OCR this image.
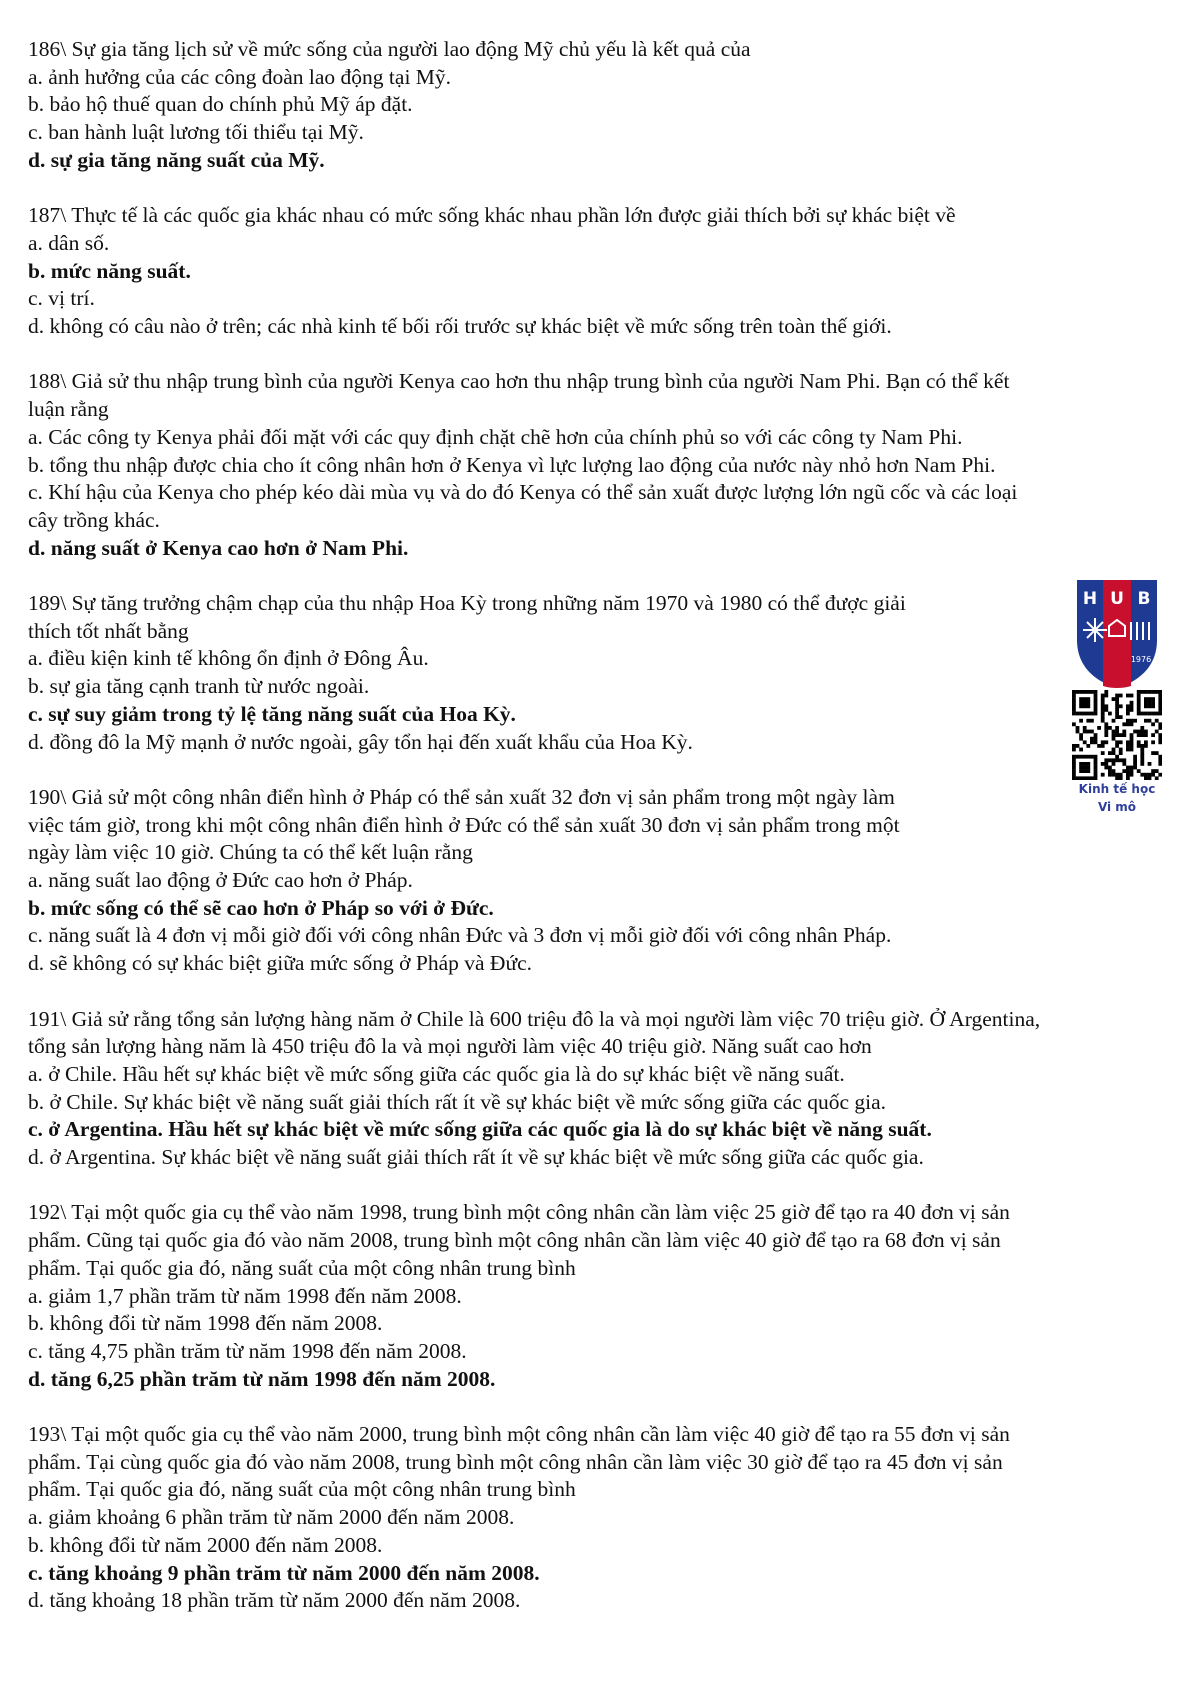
186\ Sự gia tăng lịch sử về mức sống của người lao động Mỹ chủ yếu là kết quả của
a. ảnh hưởng của các công đoàn lao động tại Mỹ.
b. bảo hộ thuế quan do chính phủ Mỹ áp đặt.
c. ban hành luật lương tối thiểu tại Mỹ.
d. sự gia tăng năng suất của Mỹ.
187\ Thực tế là các quốc gia khác nhau có mức sống khác nhau phần lớn được giải thích bởi sự khác biệt về
a. dân số.
b. mức năng suất.
c. vị trí.
d. không có câu nào ở trên; các nhà kinh tế bối rối trước sự khác biệt về mức sống trên toàn thế giới.
188\ Giả sử thu nhập trung bình của người Kenya cao hơn thu nhập trung bình của người Nam Phi. Bạn có thể kết
luận rằng
a. Các công ty Kenya phải đối mặt với các quy định chặt chẽ hơn của chính phủ so với các công ty Nam Phi.
b. tổng thu nhập được chia cho ít công nhân hơn ở Kenya vì lực lượng lao động của nước này nhỏ hơn Nam Phi.
c. Khí hậu của Kenya cho phép kéo dài mùa vụ và do đó Kenya có thể sản xuất được lượng lớn ngũ cốc và các loại
cây trồng khác.
d. năng suất ở Kenya cao hơn ở Nam Phi.
189\ Sự tăng trưởng chậm chạp của thu nhập Hoa Kỳ trong những năm 1970 và 1980 có thể được giải
thích tốt nhất bằng
a. điều kiện kinh tế không ổn định ở Đông Âu.
b. sự gia tăng cạnh tranh từ nước ngoài.
c. sự suy giảm trong tỷ lệ tăng năng suất của Hoa Kỳ.
d. đồng đô la Mỹ mạnh ở nước ngoài, gây tổn hại đến xuất khẩu của Hoa Kỳ.
190\ Giả sử một công nhân điển hình ở Pháp có thể sản xuất 32 đơn vị sản phẩm trong một ngày làm
việc tám giờ, trong khi một công nhân điển hình ở Đức có thể sản xuất 30 đơn vị sản phẩm trong một
ngày làm việc 10 giờ. Chúng ta có thể kết luận rằng
a. năng suất lao động ở Đức cao hơn ở Pháp.
b. mức sống có thể sẽ cao hơn ở Pháp so với ở Đức.
c. năng suất là 4 đơn vị mỗi giờ đối với công nhân Đức và 3 đơn vị mỗi giờ đối với công nhân Pháp.
d. sẽ không có sự khác biệt giữa mức sống ở Pháp và Đức.
191\ Giả sử rằng tổng sản lượng hàng năm ở Chile là 600 triệu đô la và mọi người làm việc 70 triệu giờ. Ở Argentina,
tổng sản lượng hàng năm là 450 triệu đô la và mọi người làm việc 40 triệu giờ. Năng suất cao hơn
a. ở Chile. Hầu hết sự khác biệt về mức sống giữa các quốc gia là do sự khác biệt về năng suất.
b. ở Chile. Sự khác biệt về năng suất giải thích rất ít về sự khác biệt về mức sống giữa các quốc gia.
c. ở Argentina. Hầu hết sự khác biệt về mức sống giữa các quốc gia là do sự khác biệt về năng suất.
d. ở Argentina. Sự khác biệt về năng suất giải thích rất ít về sự khác biệt về mức sống giữa các quốc gia.
192\ Tại một quốc gia cụ thể vào năm 1998, trung bình một công nhân cần làm việc 25 giờ để tạo ra 40 đơn vị sản
phẩm. Cũng tại quốc gia đó vào năm 2008, trung bình một công nhân cần làm việc 40 giờ để tạo ra 68 đơn vị sản
phẩm. Tại quốc gia đó, năng suất của một công nhân trung bình
a. giảm 1,7 phần trăm từ năm 1998 đến năm 2008.
b. không đổi từ năm 1998 đến năm 2008.
c. tăng 4,75 phần trăm từ năm 1998 đến năm 2008.
d. tăng 6,25 phần trăm từ năm 1998 đến năm 2008.
193\ Tại một quốc gia cụ thể vào năm 2000, trung bình một công nhân cần làm việc 40 giờ để tạo ra 55 đơn vị sản
phẩm. Tại cùng quốc gia đó vào năm 2008, trung bình một công nhân cần làm việc 30 giờ để tạo ra 45 đơn vị sản
phẩm. Tại quốc gia đó, năng suất của một công nhân trung bình
a. giảm khoảng 6 phần trăm từ năm 2000 đến năm 2008.
b. không đổi từ năm 2000 đến năm 2008.
c. tăng khoảng 9 phần trăm từ năm 2000 đến năm 2008.
d. tăng khoảng 18 phần trăm từ năm 2000 đến năm 2008.
H U B
1976
Kinh tế học
Vi mô
